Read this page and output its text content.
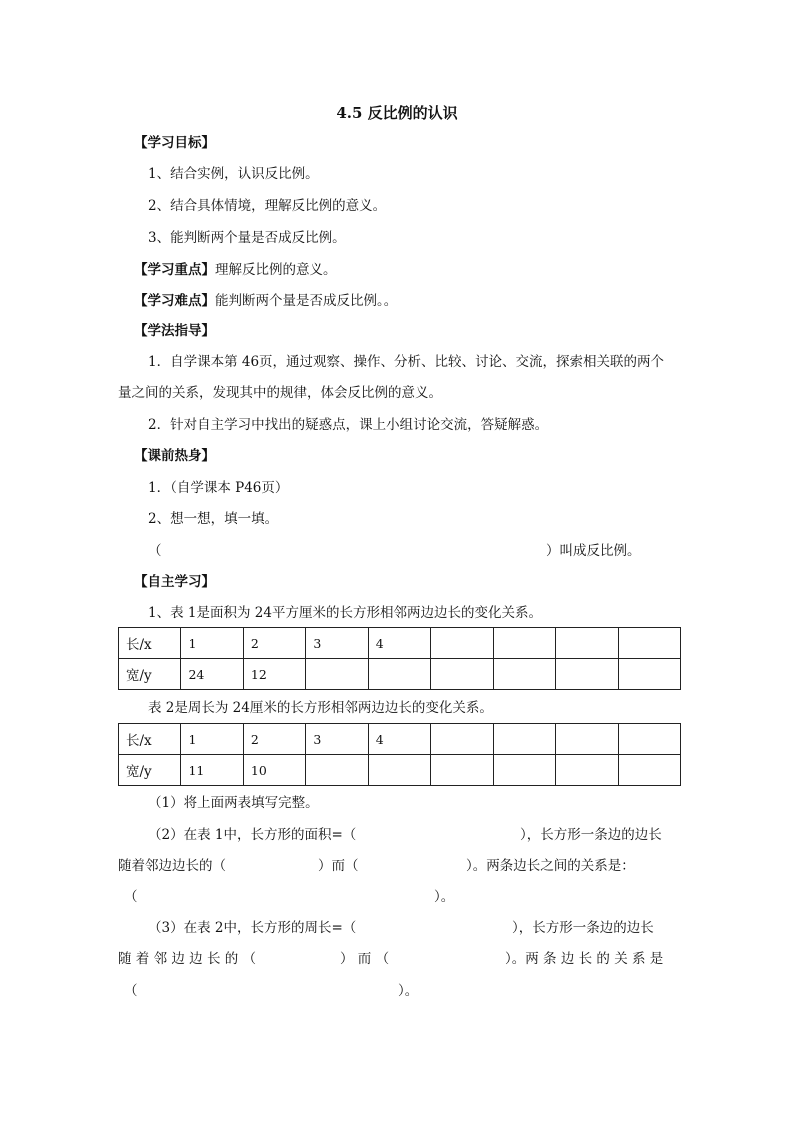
4.5 反比例的认识
【学习目标】
1、结合实例，认识反比例。
2、结合具体情境，理解反比例的意义。
3、能判断两个量是否成反比例。
【学习重点】理解反比例的意义。
【学习难点】能判断两个量是否成反比例。。
【学法指导】
1．自学课本第 46页，通过观察、操作、分析、比较、讨论、交流，探索相关联的两个
量之间的关系，发现其中的规律，体会反比例的意义。
2．针对自主学习中找出的疑惑点，课上小组讨论交流，答疑解惑。
【课前热身】
1．（自学课本 P46页）
2、想一想，填一填。
（	）叫成反比例。
【自主学习】
1、表 1是面积为 24平方厘米的长方形相邻两边边长的变化关系。
长/x	1	2	3	4				
宽/y	24	12						
表 2是周长为 24厘米的长方形相邻两边边长的变化关系。
长/x	1	2	3	4				
宽/y	11	10						
（1）将上面两表填写完整。
（2）在表 1中，长方形的面积=（	），长方形一条边的边长
随着邻边边长的（	）而（	）。两条边长之间的关系是：
（	）。
（3）在表 2中，长方形的周长=（	），长方形一条边的边长
随 着 邻 边 边 长 的 （	） 而 （	）。两 条 边 长 的 关 系 是
（	）。
